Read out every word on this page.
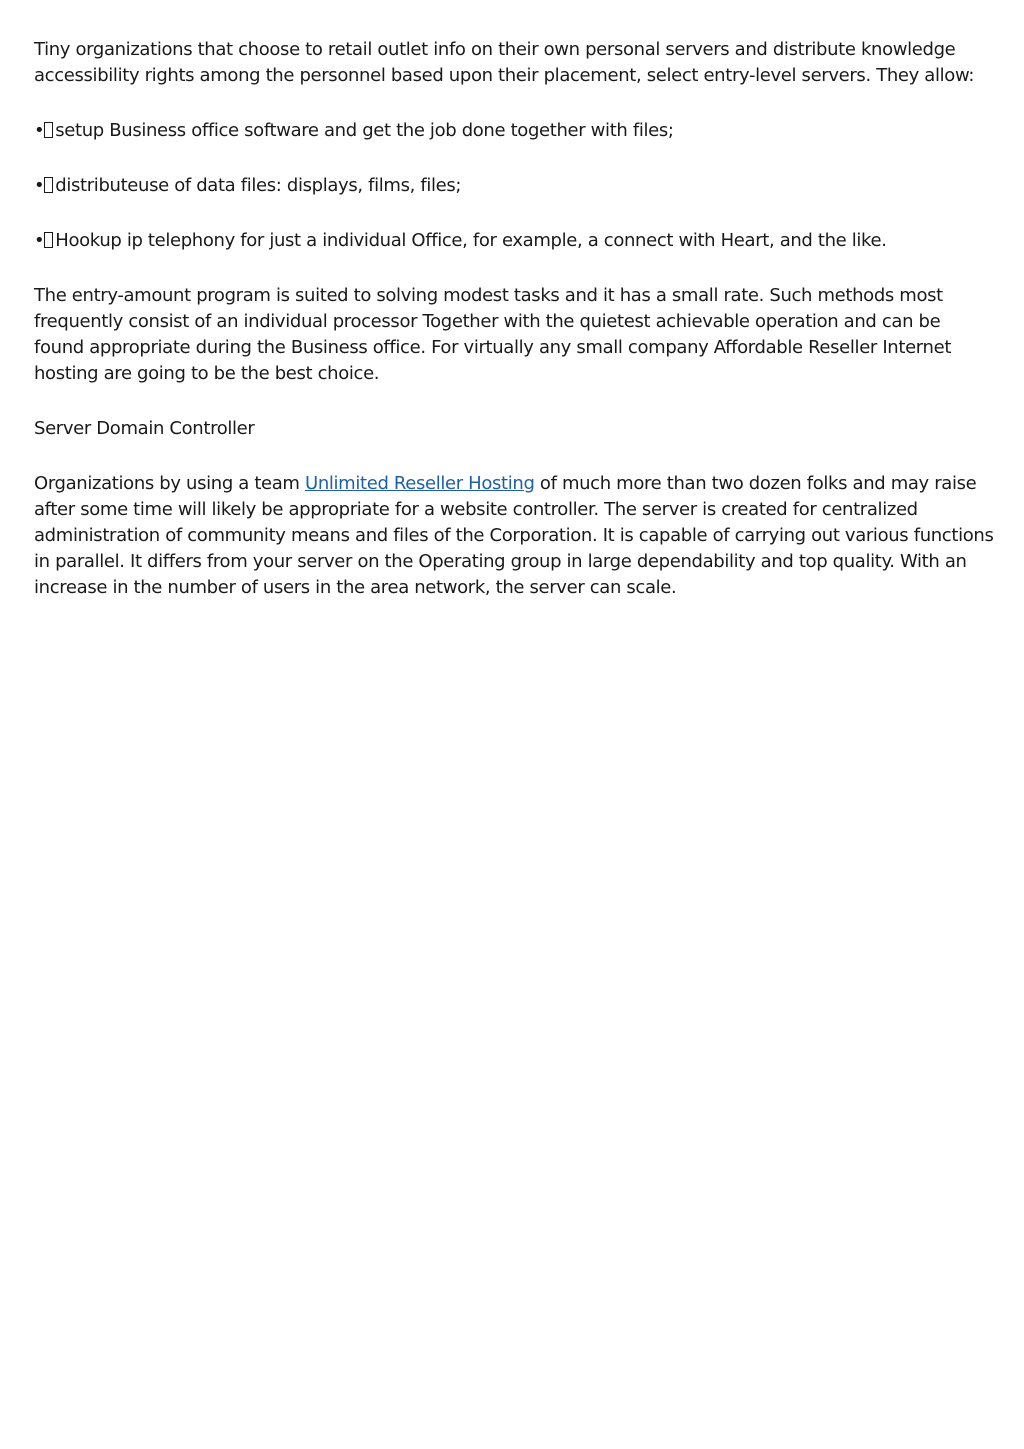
Tiny organizations that choose to retail outlet info on their own personal servers and distribute knowledge accessibility rights among the personnel based upon their placement, select entry-level servers. They allow:

• setup Business office software and get the job done together with files;
• distributeuse of data files: displays, films, files;
• Hookup ip telephony for just a individual Office, for example, a connect with Heart, and the like.

The entry-amount program is suited to solving modest tasks and it has a small rate. Such methods most frequently consist of an individual processor Together with the quietest achievable operation and can be found appropriate during the Business office. For virtually any small company Affordable Reseller Internet hosting are going to be the best choice.

Server Domain Controller

Organizations by using a team Unlimited Reseller Hosting of much more than two dozen folks and may raise after some time will likely be appropriate for a website controller. The server is created for centralized administration of community means and files of the Corporation. It is capable of carrying out various functions in parallel. It differs from your server on the Operating group in large dependability and top quality. With an increase in the number of users in the area network, the server can scale.
